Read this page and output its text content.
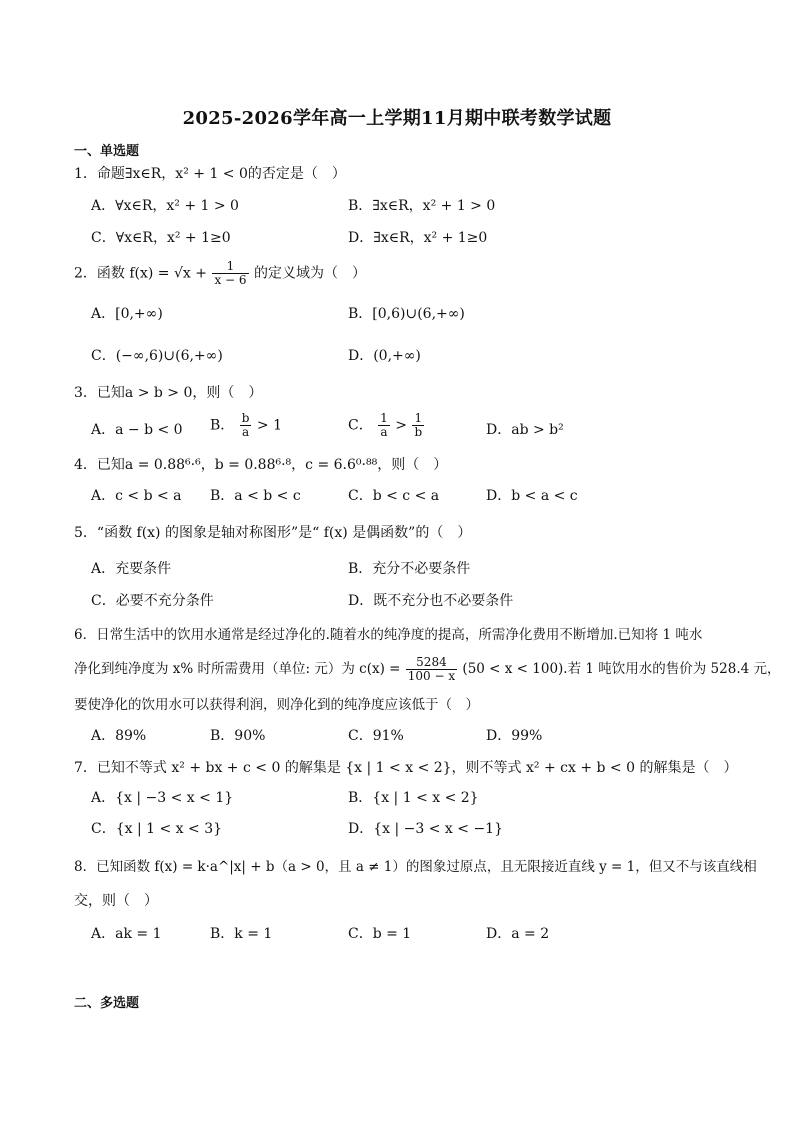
2025-2026学年高一上学期11月期中联考数学试题
一、单选题
1．命题∃x∈R，x² + 1 < 0的否定是（　）
A．∀x∈R，x² + 1 > 0	B．∃x∈R，x² + 1 > 0
C．∀x∈R，x² + 1≥0	D．∃x∈R，x² + 1≥0
2．函数 $f(x) = √x + \frac{1}{x - 6}$ 的定义域为（　）
A．[0,+∞)	B．[0,6)∪(6,+∞)
C．(−∞,6)∪(6,+∞)	D．(0,+∞)
3．已知a > b > 0，则（　）
A．a − b < 0 B． $\frac{b}{a} > 1$	C． $\frac{1}{a} > \frac{1}{b}$	D．ab > b²
4．已知a = 0.88⁶·⁶，b = 0.88⁶·⁸，c = 6.6⁰·⁸⁸，则（　）
A．c < b < a B．a < b < c	C．b < c < a	D．b < a < c
5．“函数 f(x) 的图象是轴对称图形”是“ f(x) 是偶函数”的（　）
A．充要条件	B．充分不必要条件
C．必要不充分条件	D．既不充分也不必要条件
6．日常生活中的饮用水通常是经过净化的.随着水的纯净度的提高，所需净化费用不断增加.已知将 1 吨水
净化到纯净度为 x% 时所需费用（单位: 元）为 $c(x) = \frac{5284}{100 - x} (50 < x < 100)$.若 1 吨饮用水的售价为 528.4 元，
要使净化的饮用水可以获得利润，则净化到的纯净度应该低于（　）
A．89%	B．90%	C．91%	D．99%
7．已知不等式 x² + bx + c < 0 的解集是 {x | 1 < x < 2}，则不等式 x² + cx + b < 0 的解集是（　）
A．{x | −3 < x < 1}	B．{x | 1 < x < 2}
C．{x | 1 < x < 3}	D．{x | −3 < x < −1}
8．已知函数 f(x) = k·a^|x| + b（a > 0，且 a ≠ 1）的图象过原点，且无限接近直线 y = 1，但又不与该直线相
交，则（　）
A．ak = 1	B．k = 1	C．b = 1	D．a = 2
二、多选题
